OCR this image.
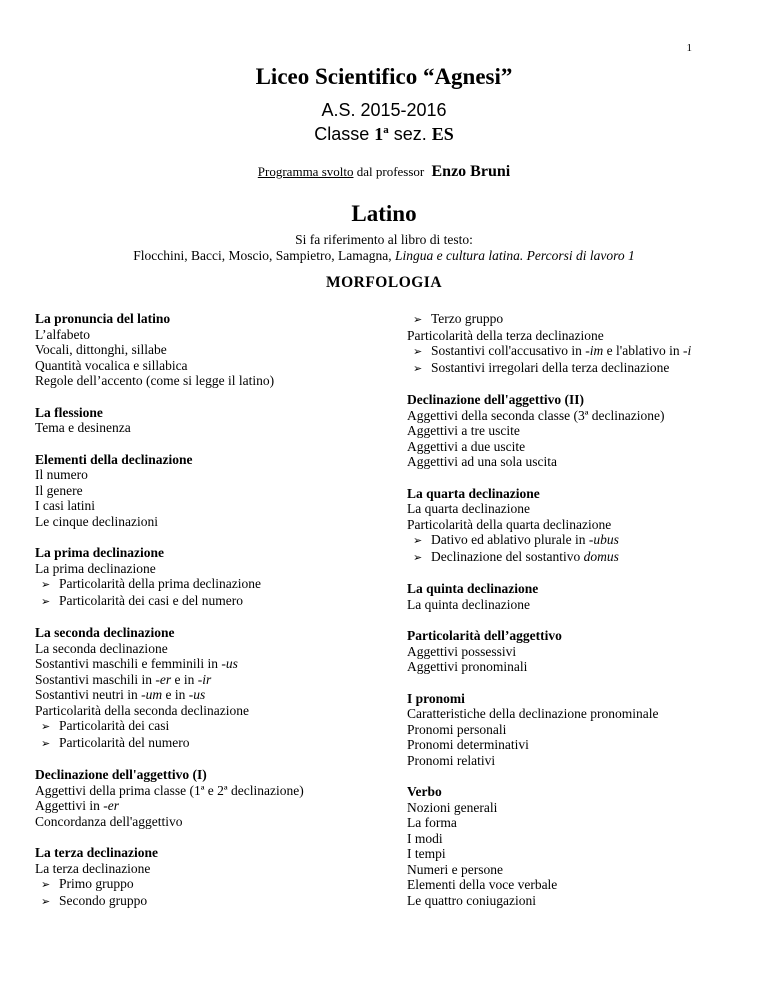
1
Liceo Scientifico “Agnesi”
A.S. 2015-2016
Classe 1$^a$ sez. ES
Programma svolto dal professor Enzo Bruni
Latino
Si fa riferimento al libro di testo:
Flocchini, Bacci, Moscio, Sampietro, Lamagna, Lingua e cultura latina. Percorsi di lavoro 1
MORFOLOGIA
La pronuncia del latino
L’alfabeto
Vocali, dittonghi, sillabe
Quantità vocalica e sillabica
Regole dell’accento (come si legge il latino)
La flessione
Tema e desinenza
Elementi della declinazione
Il numero
Il genere
I casi latini
Le cinque declinazioni
La prima declinazione
La prima declinazione
➢ Particolarità della prima declinazione
➢ Particolarità dei casi e del numero
La seconda declinazione
La seconda declinazione
Sostantivi maschili e femminili in -us
Sostantivi maschili in -er e in -ir
Sostantivi neutri in -um e in -us
Particolarità della seconda declinazione
➢ Particolarità dei casi
➢ Particolarità del numero
Declinazione dell'aggettivo (I)
Aggettivi della prima classe (1ª e 2ª declinazione)
Aggettivi in -er
Concordanza dell'aggettivo
La terza declinazione
La terza declinazione
➢ Primo gruppo
➢ Secondo gruppo
➢ Terzo gruppo
Particolarità della terza declinazione
➢ Sostantivi coll'accusativo in -im e l'ablativo in -i
➢ Sostantivi irregolari della terza declinazione
Declinazione dell'aggettivo (II)
Aggettivi della seconda classe (3ª declinazione)
Aggettivi a tre uscite
Aggettivi a due uscite
Aggettivi ad una sola uscita
La quarta declinazione
La quarta declinazione
Particolarità della quarta declinazione
➢ Dativo ed ablativo plurale in -ubus
➢ Declinazione del sostantivo domus
La quinta declinazione
La quinta declinazione
Particolarità dell’aggettivo
Aggettivi possessivi
Aggettivi pronominali
I pronomi
Caratteristiche della declinazione pronominale
Pronomi personali
Pronomi determinativi
Pronomi relativi
Verbo
Nozioni generali
La forma
I modi
I tempi
Numeri e persone
Elementi della voce verbale
Le quattro coniugazioni
